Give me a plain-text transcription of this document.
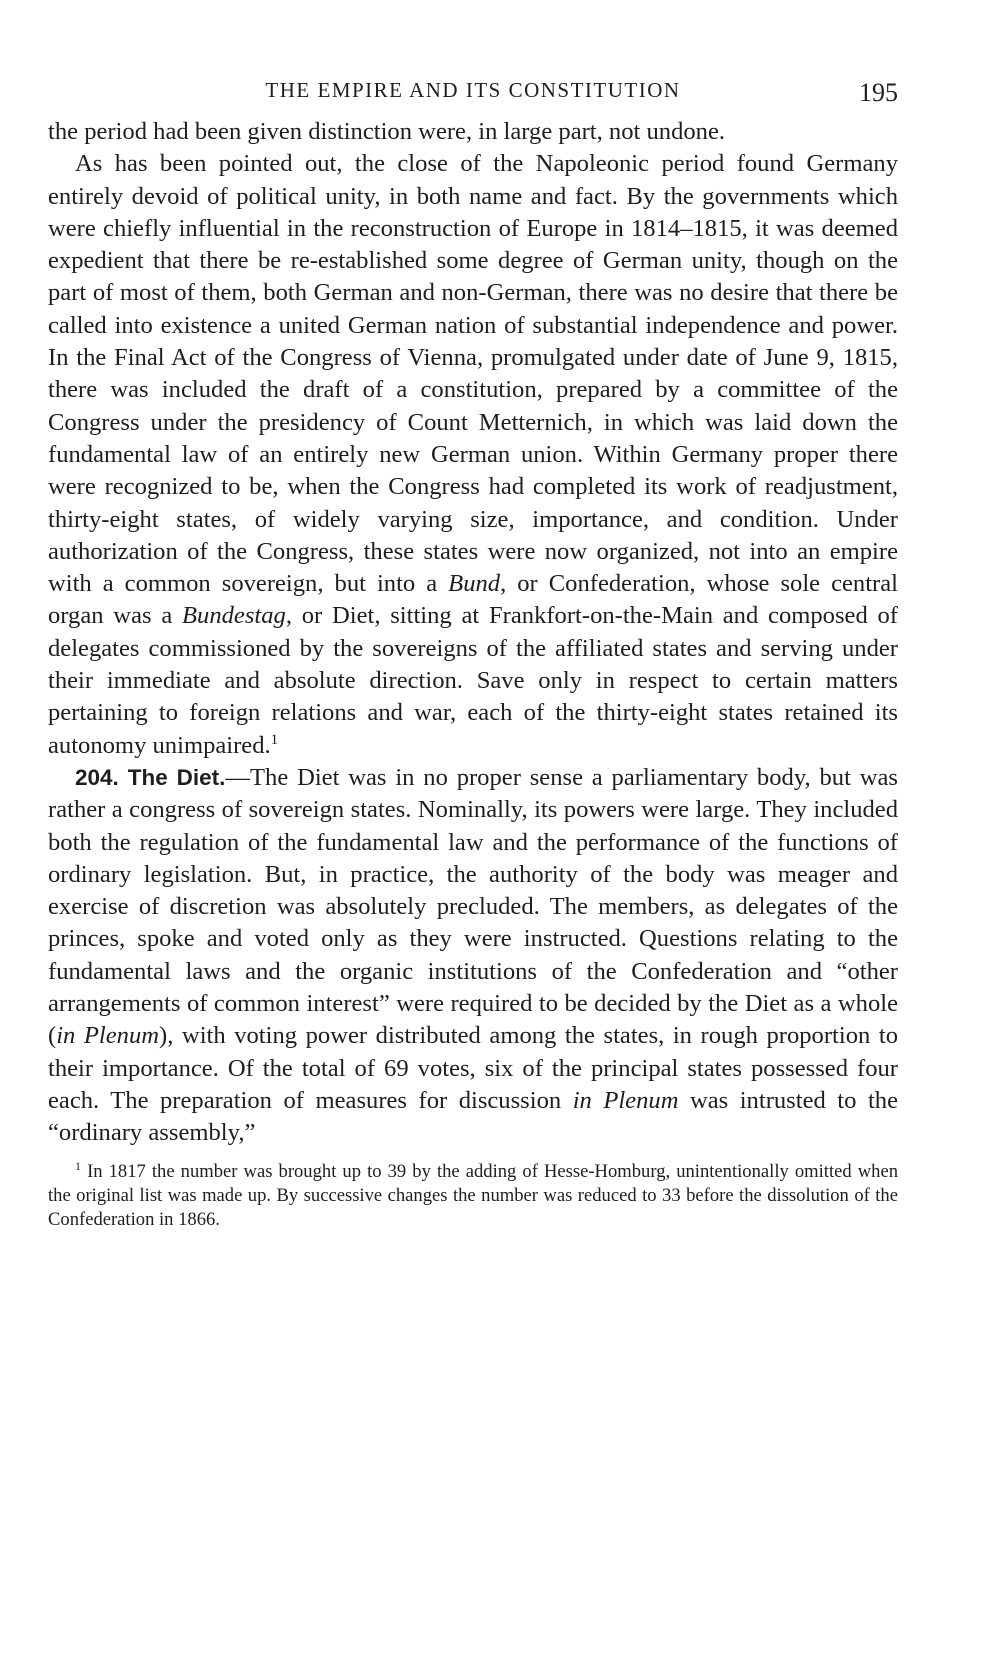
THE EMPIRE AND ITS CONSTITUTION	195

the period had been given distinction were, in large part, not undone.

As has been pointed out, the close of the Napoleonic period found Germany entirely devoid of political unity, in both name and fact. By the governments which were chiefly influential in the reconstruction of Europe in 1814–1815, it was deemed expedient that there be re-established some degree of German unity, though on the part of most of them, both German and non-German, there was no desire that there be called into existence a united German nation of substantial independence and power. In the Final Act of the Congress of Vienna, promulgated under date of June 9, 1815, there was included the draft of a constitution, prepared by a committee of the Congress under the presidency of Count Metternich, in which was laid down the fundamental law of an entirely new German union. Within Germany proper there were recognized to be, when the Congress had completed its work of readjustment, thirty-eight states, of widely varying size, importance, and condition. Under authorization of the Congress, these states were now organized, not into an empire with a common sovereign, but into a Bund, or Confederation, whose sole central organ was a Bundestag, or Diet, sitting at Frankfort-on-the-Main and composed of delegates commissioned by the sovereigns of the affiliated states and serving under their immediate and absolute direction. Save only in respect to certain matters pertaining to foreign relations and war, each of the thirty-eight states retained its autonomy unimpaired.$^1$

204. The Diet.—The Diet was in no proper sense a parliamentary body, but was rather a congress of sovereign states. Nominally, its powers were large. They included both the regulation of the fundamental law and the performance of the functions of ordinary legislation. But, in practice, the authority of the body was meager and exercise of discretion was absolutely precluded. The members, as delegates of the princes, spoke and voted only as they were instructed. Questions relating to the fundamental laws and the organic institutions of the Confederation and “other arrangements of common interest” were required to be decided by the Diet as a whole (in Plenum), with voting power distributed among the states, in rough proportion to their importance. Of the total of 69 votes, six of the principal states possessed four each. The preparation of measures for discussion in Plenum was intrusted to the “ordinary assembly,”

$^1$ In 1817 the number was brought up to 39 by the adding of Hesse-Homburg, unintentionally omitted when the original list was made up. By successive changes the number was reduced to 33 before the dissolution of the Confederation in 1866.
